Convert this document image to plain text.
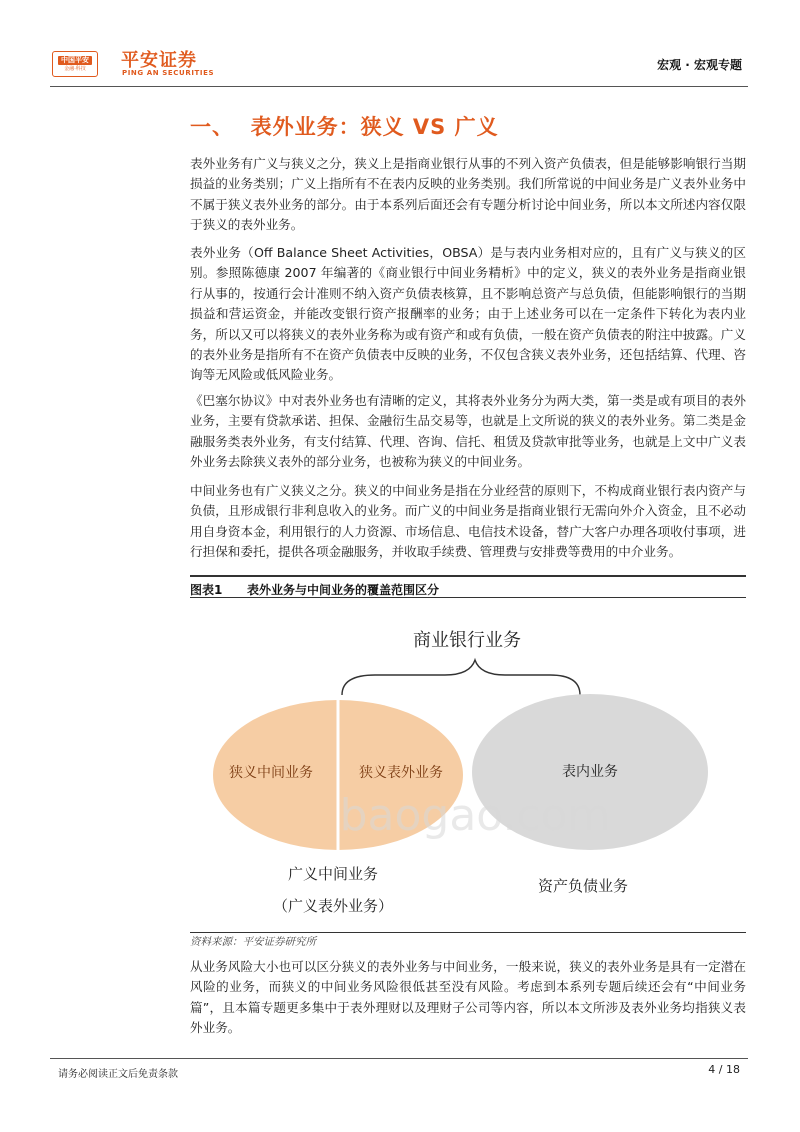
中国平安
金融·科技 平安证券
PING AN SECURITIES
宏观 · 宏观专题
一、  表外业务：狭义 VS 广义
表外业务有广义与狭义之分，狭义上是指商业银行从事的不列入资产负债表，但是能够影响银行当期损益的业务类别；广义上指所有不在表内反映的业务类别。我们所常说的中间业务是广义表外业务中不属于狭义表外业务的部分。由于本系列后面还会有专题分析讨论中间业务，所以本文所述内容仅限于狭义的表外业务。
表外业务（Off Balance Sheet Activities，OBSA）是与表内业务相对应的，且有广义与狭义的区别。参照陈德康 2007 年编著的《商业银行中间业务精析》中的定义，狭义的表外业务是指商业银行从事的，按通行会计准则不纳入资产负债表核算，且不影响总资产与总负债，但能影响银行的当期损益和营运资金，并能改变银行资产报酬率的业务；由于上述业务可以在一定条件下转化为表内业务，所以又可以将狭义的表外业务称为或有资产和或有负债，一般在资产负债表的附注中披露。广义的表外业务是指所有不在资产负债表中反映的业务，不仅包含狭义表外业务，还包括结算、代理、咨询等无风险或低风险业务。
《巴塞尔协议》中对表外业务也有清晰的定义，其将表外业务分为两大类，第一类是或有项目的表外业务，主要有贷款承诺、担保、金融衍生品交易等，也就是上文所说的狭义的表外业务。第二类是金融服务类表外业务，有支付结算、代理、咨询、信托、租赁及贷款审批等业务，也就是上文中广义表外业务去除狭义表外的部分业务，也被称为狭义的中间业务。
中间业务也有广义狭义之分。狭义的中间业务是指在分业经营的原则下，不构成商业银行表内资产与负债，且形成银行非利息收入的业务。而广义的中间业务是指商业银行无需向外介入资金，且不必动用自身资本金，利用银行的人力资源、市场信息、电信技术设备，替广大客户办理各项收付事项，进行担保和委托，提供各项金融服务，并收取手续费、管理费与安排费等费用的中介业务。
图表1 表外业务与中间业务的覆盖范围区分
商业银行业务
baogao.com
狭义中间业务	狭义表外业务	表内业务
广义中间业务
（广义表外业务）
资产负债业务
资料来源：平安证券研究所
从业务风险大小也可以区分狭义的表外业务与中间业务，一般来说，狭义的表外业务是具有一定潜在风险的业务，而狭义的中间业务风险很低甚至没有风险。考虑到本系列专题后续还会有“中间业务篇”，且本篇专题更多集中于表外理财以及理财子公司等内容，所以本文所涉及表外业务均指狭义表外业务。
请务必阅读正文后免责条款	4 / 18
